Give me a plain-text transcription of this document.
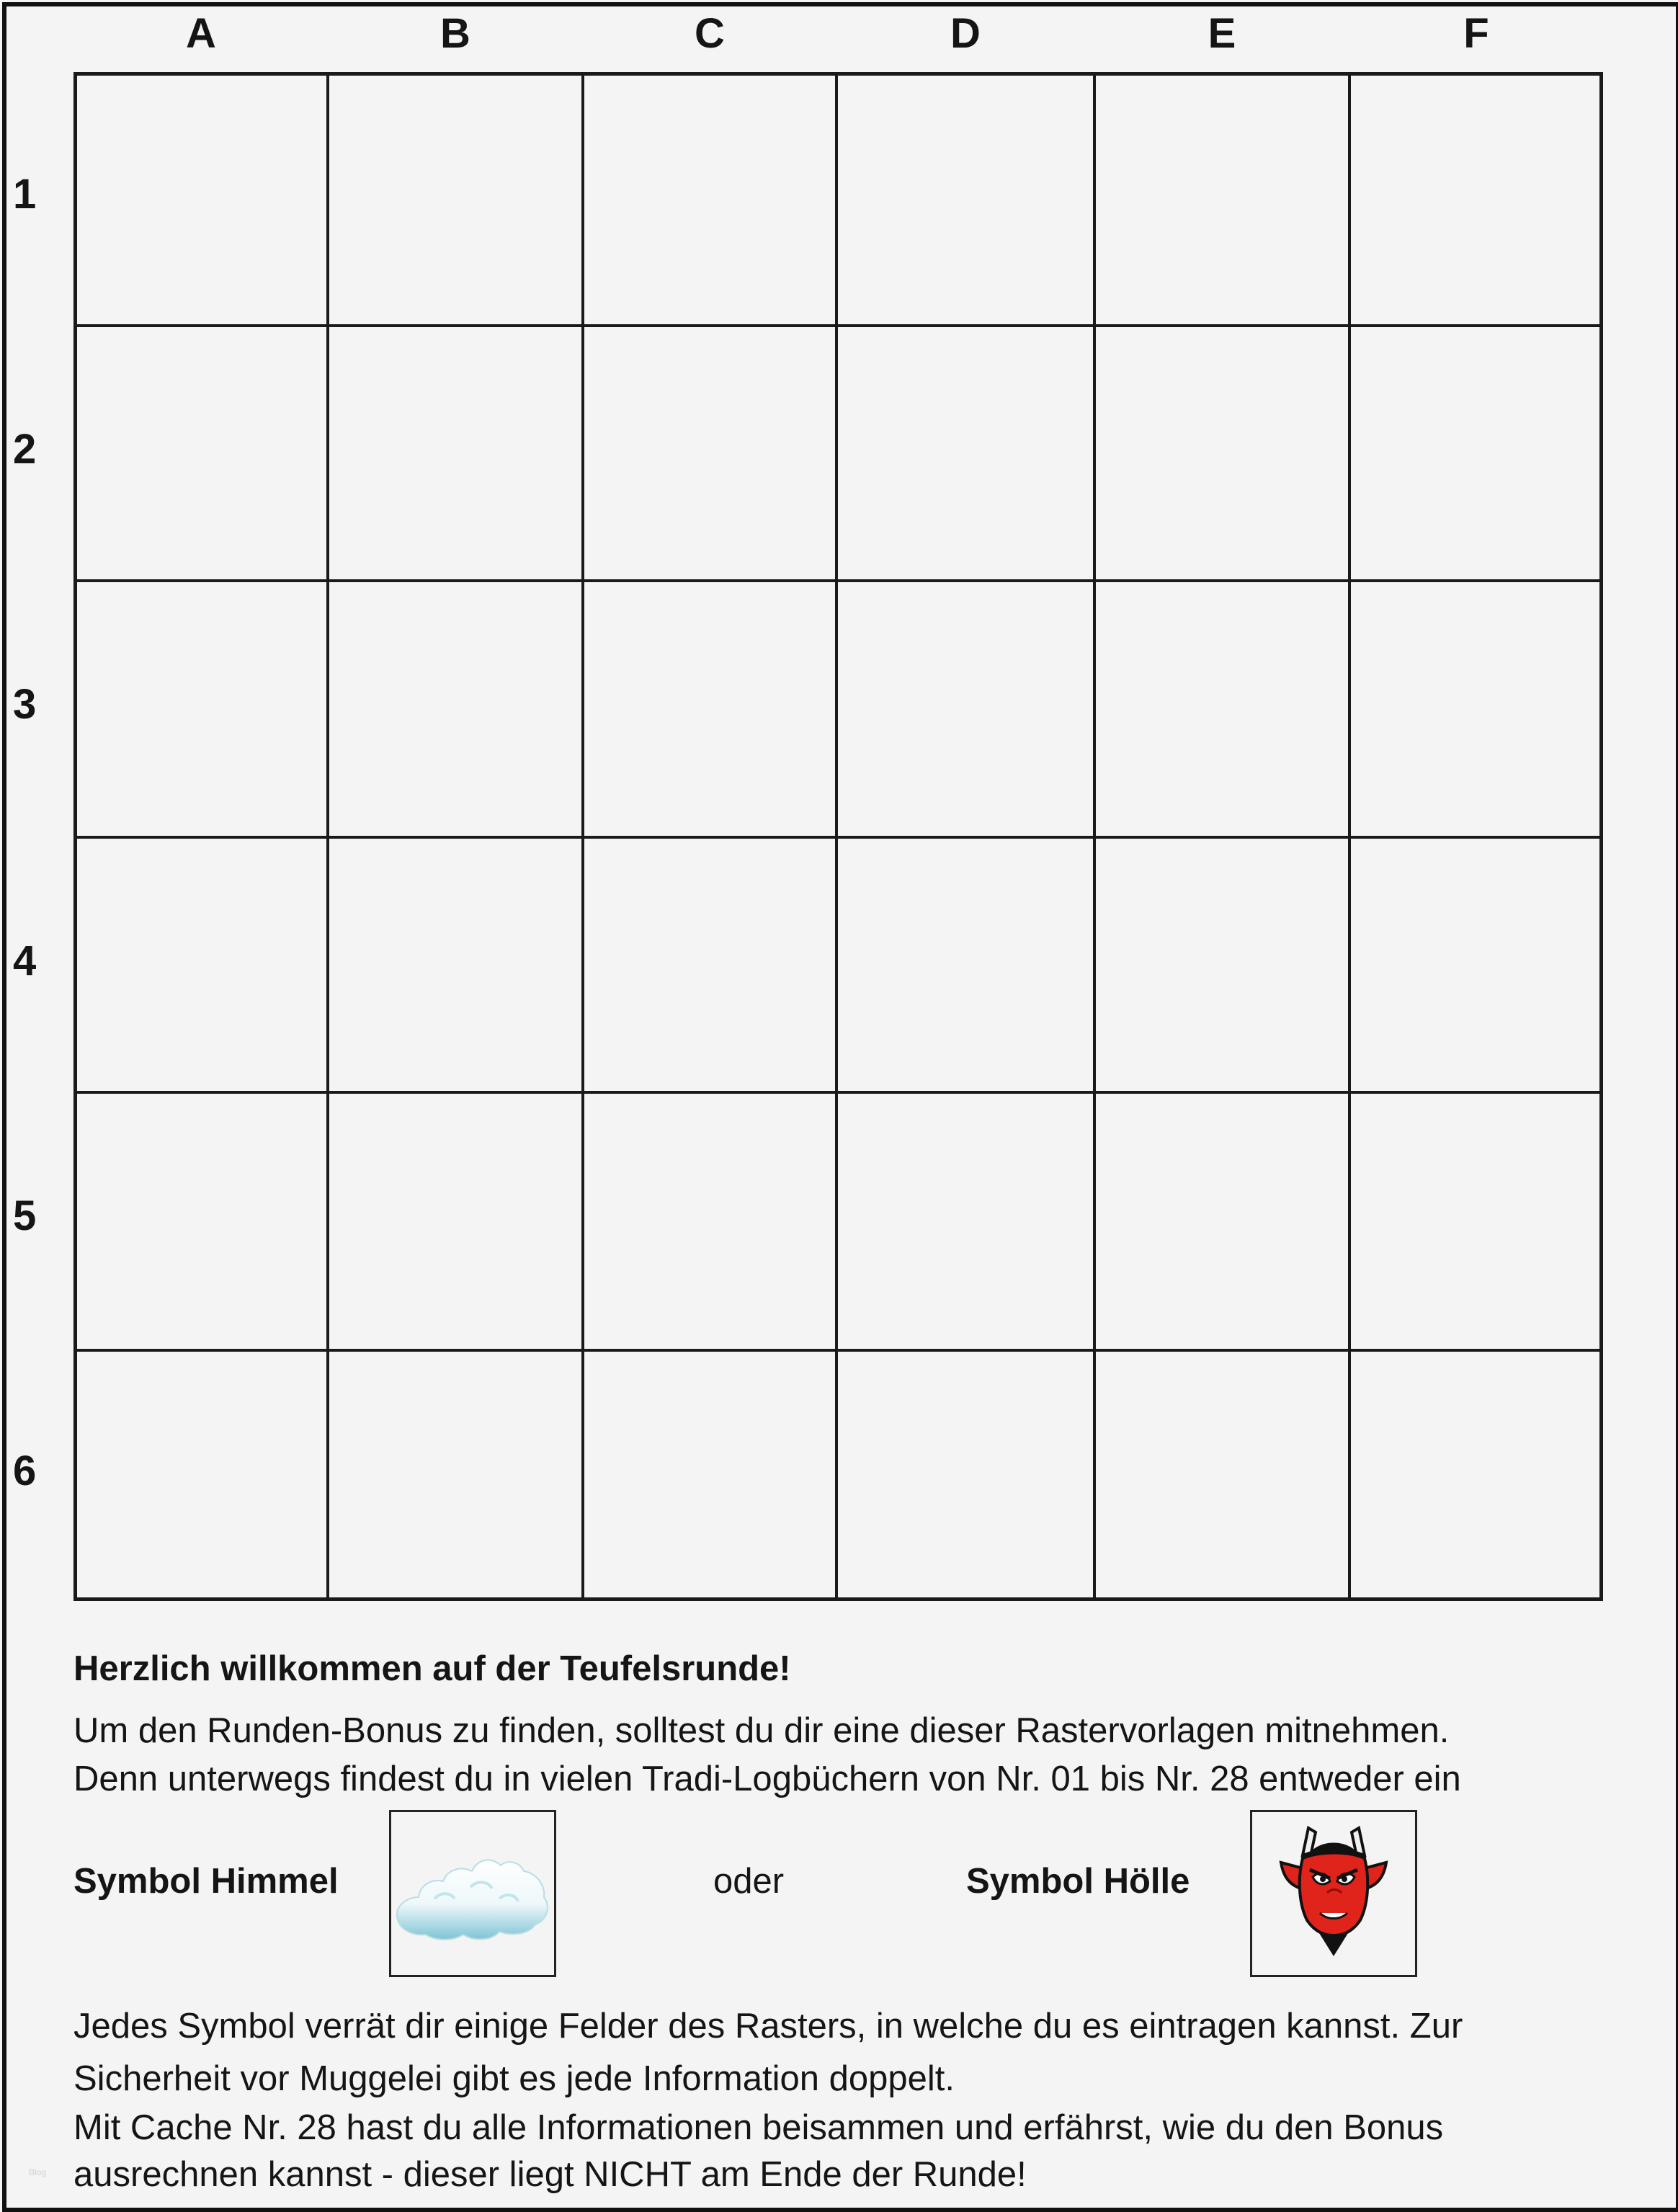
A	B	C	D	E	F
1
2
3
4
5
6
Herzlich willkommen auf der Teufelsrunde!
Um den Runden-Bonus zu finden, solltest du dir eine dieser Rastervorlagen mitnehmen.
Denn unterwegs findest du in vielen Tradi-Logbüchern von Nr. 01 bis Nr. 28 entweder ein
Symbol Himmel	oder	Symbol Hölle
Jedes Symbol verrät dir einige Felder des Rasters, in welche du es eintragen kannst. Zur
Sicherheit vor Muggelei gibt es jede Information doppelt.
Mit Cache Nr. 28 hast du alle Informationen beisammen und erfährst, wie du den Bonus
ausrechnen kannst - dieser liegt NICHT am Ende der Runde!
Blog
